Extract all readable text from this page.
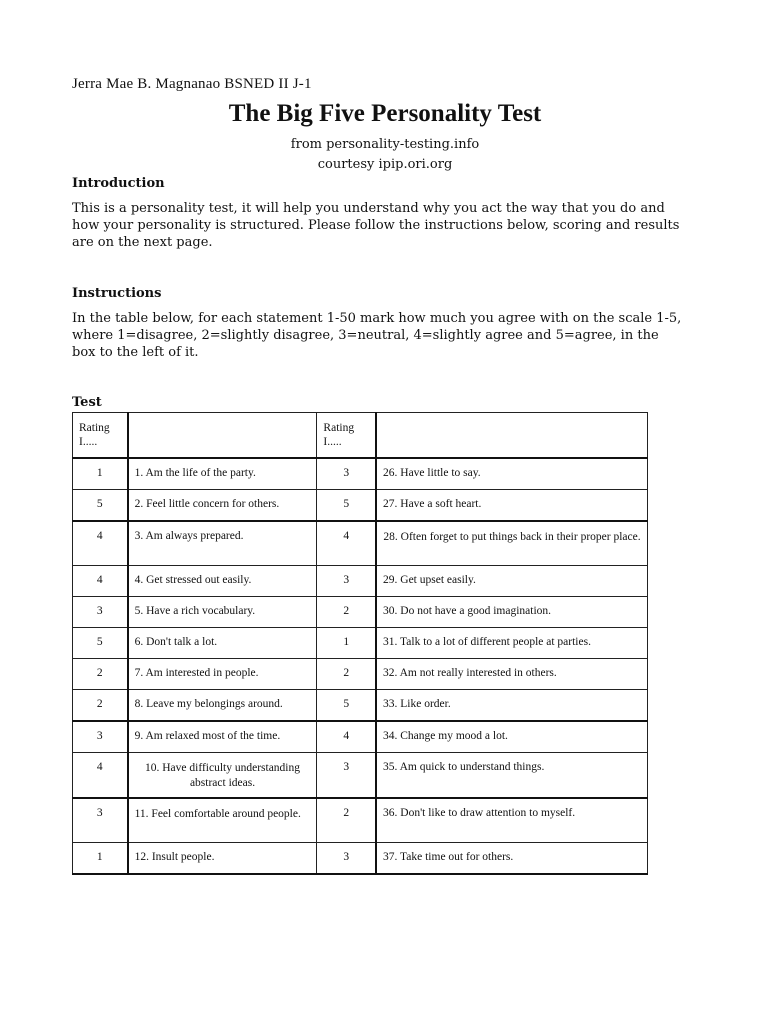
Jerra Mae B. Magnanao BSNED II J-1
The Big Five Personality Test
from personality-testing.info
courtesy ipip.ori.org
Introduction
This is a personality test, it will help you understand why you act the way that you do and how your personality is structured. Please follow the instructions below, scoring and results are on the next page.
Instructions
In the table below, for each statement 1-50 mark how much you agree with on the scale 1-5, where 1=disagree, 2=slightly disagree, 3=neutral, 4=slightly agree and 5=agree, in the box to the left of it.
Test
Rating I.....		Rating I.....	

1	1. Am the life of the party.	3	26. Have little to say.

5	2. Feel little concern for others.	5	27. Have a soft heart.

4	3. Am always prepared.	4	28. Often forget to put things back in their proper place.

4	4. Get stressed out easily.	3	29. Get upset easily.

3	5. Have a rich vocabulary.	2	30. Do not have a good imagination.

5	6. Don't talk a lot.	1	31. Talk to a lot of different people at parties.

2	7. Am interested in people.	2	32. Am not really interested in others.

2	8. Leave my belongings around.	5	33. Like order.

3	9. Am relaxed most of the time.	4	34. Change my mood a lot.

4	10. Have difficulty understanding abstract ideas.	3	35. Am quick to understand things.

3	11. Feel comfortable around people.	2	36. Don't like to draw attention to myself.

1	12. Insult people.	3	37. Take time out for others.
